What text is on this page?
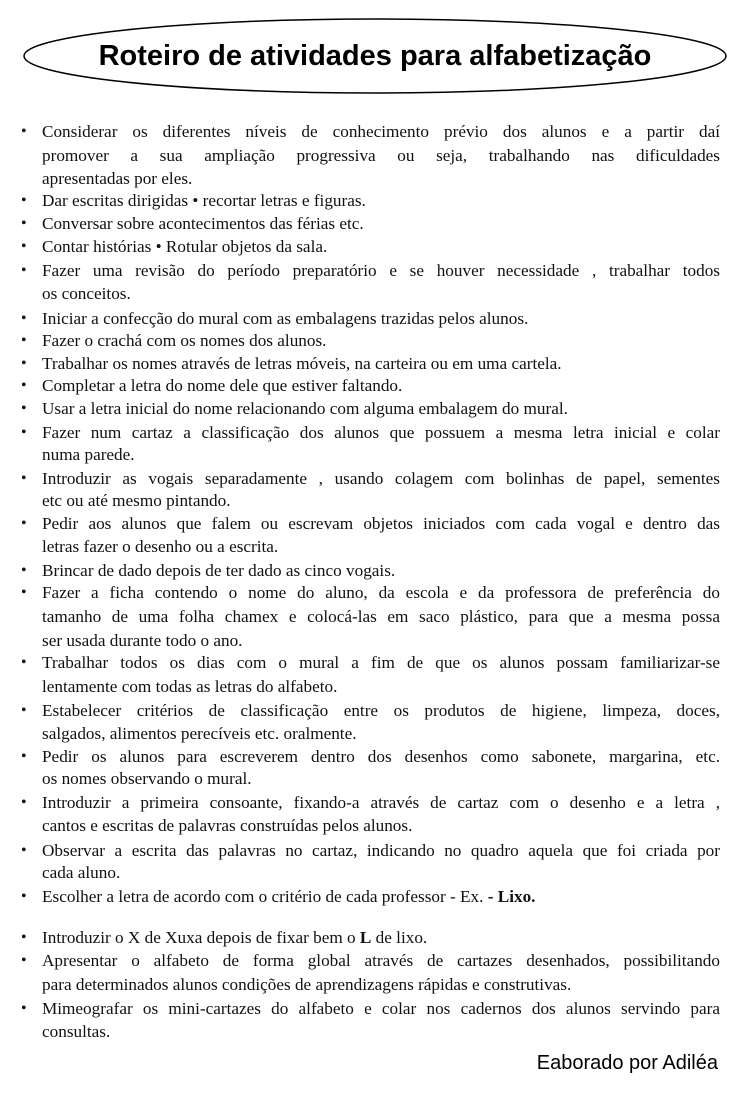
Roteiro de atividades para alfabetização
• Considerar os diferentes níveis de conhecimento prévio dos alunos e a partir daí
promover a sua ampliação progressiva ou seja, trabalhando nas dificuldades
apresentadas por eles.
• Dar escritas dirigidas • recortar letras e figuras.
• Conversar sobre acontecimentos das férias etc.
• Contar histórias • Rotular objetos da sala.
• Fazer uma revisão do período preparatório e se houver necessidade , trabalhar todos
os conceitos.
• Iniciar a confecção do mural com as embalagens trazidas pelos alunos.
• Fazer o crachá com os nomes dos alunos.
• Trabalhar os nomes através de letras móveis, na carteira ou em uma cartela.
• Completar a letra do nome dele que estiver faltando.
• Usar a letra inicial do nome relacionando com alguma embalagem do mural.
• Fazer num cartaz a classificação dos alunos que possuem a mesma letra inicial e colar
numa parede.
• Introduzir as vogais separadamente , usando colagem com bolinhas de papel, sementes
etc ou até mesmo pintando.
• Pedir aos alunos que falem ou escrevam objetos iniciados com cada vogal e dentro das
letras fazer o desenho ou a escrita.
• Brincar de dado depois de ter dado as cinco vogais.
• Fazer a ficha contendo o nome do aluno, da escola e da professora de preferência do
tamanho de uma folha chamex e colocá-las em saco plástico, para que a mesma possa
ser usada durante todo o ano.
• Trabalhar todos os dias com o mural a fim de que os alunos possam familiarizar-se
lentamente com todas as letras do alfabeto.
• Estabelecer critérios de classificação entre os produtos de higiene, limpeza, doces,
salgados, alimentos perecíveis etc. oralmente.
• Pedir os alunos para escreverem dentro dos desenhos como sabonete, margarina, etc.
os nomes observando o mural.
• Introduzir a primeira consoante, fixando-a através de cartaz com o desenho e a letra ,
cantos e escritas de palavras construídas pelos alunos.
• Observar a escrita das palavras no cartaz, indicando no quadro aquela que foi criada por
cada aluno.
• Escolher a letra de acordo com o critério de cada professor - Ex. - Lixo.
• Introduzir o X de Xuxa depois de fixar bem o L de lixo.
• Apresentar o alfabeto de forma global através de cartazes desenhados, possibilitando
para determinados alunos condições de aprendizagens rápidas e construtivas.
• Mimeografar os mini-cartazes do alfabeto e colar nos cadernos dos alunos servindo para
consultas.
Eaborado por Adiléa
